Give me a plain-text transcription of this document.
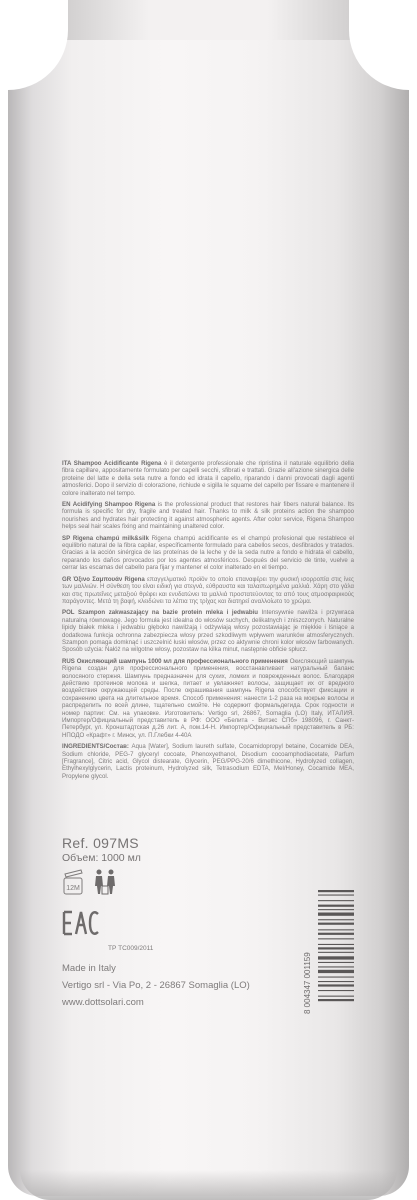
ITA Shampoo Acidificante Rigena è il detergente professionale che ripristina il naturale equilibrio della fibra capillare, appositamente formulato per capelli secchi, sfibrati e trattati. Grazie all'azione sinergica delle proteine del latte e della seta nutre a fondo ed idrata il capello, riparando i danni provocati dagli agenti atmosferici. Dopo il servizio di colorazione, richiude e sigilla le squame del capello per fissare e mantenere il colore inalterato nel tempo.

EN Acidifying Shampoo Rigena is the professional product that restores hair fibers natural balance. Its formula is specific for dry, fragile and treated hair. Thanks to milk & silk proteins action the shampoo nourishes and hydrates hair protecting it against atmospheric agents. After color service, Rigena Shampoo helps seal hair scales fixing and maintaining unaltered color.

SP Rigena champú milk&silk Rigena champú acidificante es el champú profesional que restablece el equilibrio natural de la fibra capilar, específicamente formulado para cabellos secos, desfibrados y tratados. Gracias a la acción sinérgica de las proteínas de la leche y de la seda nutre a fondo e hidrata el cabello, reparando los daños provocados por los agentes atmosféricos. Después del servicio de tinte, vuelve a cerrar las escamas del cabello para fijar y mantener el color inalterado en el tiempo.

GR Όξινο Σαμπουάν Rigena επαγγελματικό προϊόν το οποίο επαναφέρει την φυσική ισορροπία στις ίνες των μαλλιών. Η σύνθεση του είναι ειδική για στεγνά, εύθραυστα και ταλαιπωρημένα μαλλιά. Χάρη στο γάλα και στις πρωτεΐνες μεταξιού θρέφει και ενυδατώνει τα μαλλιά προστατεύοντας τα από τους ατμοσφαιρικούς παράγοντες. Μετά τη βαφή, κλειδώνει τα λέπια της τρίχας και διατηρεί αναλλοίωτο το χρώμα.

POL Szampon zakwaszający na bazie protein mleka i jedwabiu Intensywnie nawilża i przywraca naturalną równowagę. Jego formuła jest idealna do włosów suchych, delikatnych i zniszczonych. Naturalne lipidy białek mleka i jedwabiu głęboko nawilżają i odżywiają włosy pozostawiając je miękkie i lśniące a dodatkowa funkcja ochronna zabezpiecza włosy przed szkodliwym wpływem warunków atmosferycznych. Szampon pomaga domknąć i uszczelnić łuski włosów, przez co aktywnie chroni kolor włosów farbowanych. Sposób użycia: Nałóż na wilgotne włosy, pozostaw na kilka minut, następnie obficie spłucz.

RUS Окисляющий шампунь 1000 мл для профессионального применения Окисляющий шампунь Rigena создан для профессионального применения, восстанавливает натуральный баланс волосяного стержня. Шампунь предназначен для сухих, ломких и поврежденных волос. Благодаря действию протеинов молока и шелка, питает и увлажняет волосы, защищает их от вредного воздействия окружающей среды. После окрашивания шампунь Rigena способствует фиксации и сохранению цвета на длительное время. Способ применения: нанести 1-2 раза на мокрые волосы и распределить по всей длине, тщательно смойте. Не содержит формальдегида. Срок годности и номер партии: См. на упаковке. Изготовитель: Vertigo srl, 26867, Somaglia (LO) Italy, ИТАЛИЯ. Импортер/Официальный представитель в РФ: ООО «Белита - Витэкс СПб» 198096, г. Санкт-Петербург, ул. Кронштадтская д.26 лит. А, пом.14-Н. Импортер/Официальный представитель в РБ: НПОДО «Крафт» г. Минск, ул. П.Глебки 4-40А

INGREDIENTS/Состав: Aqua [Water], Sodium laureth sulfate, Cocamidopropyl betaine, Cocamide DEA, Sodium chloride, PEG-7 glyceryl cocoate, Phenoxyethanol, Disodium cocoamphodiacetate, Parfum [Fragrance], Citric acid, Glycol distearate, Glycerin, PEG/PPG-20/6 dimethicone, Hydrolyzed collagen, Ethylhexylglycerin, Lactis proteinum, Hydrolyzed silk, Tetrasodium EDTA, Mel/Honey, Cocamide MEA, Propylene glycol.

Ref. 097MS
Объем: 1000 мл
12M
ТР ТС009/2011
Made in Italy
Vertigo srl - Via Po, 2 - 26867 Somaglia (LO)
www.dottsolari.com	8 004347 001159
